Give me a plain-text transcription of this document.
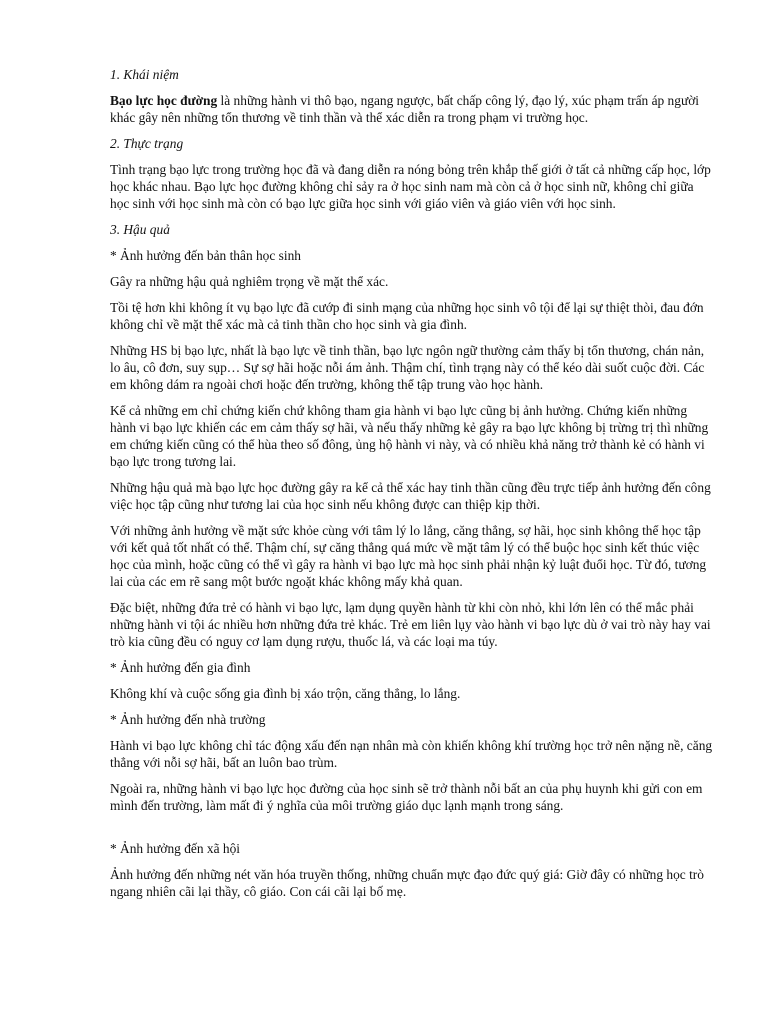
1. Khái niệm

Bạo lực học đường là những hành vi thô bạo, ngang ngược, bất chấp công lý, đạo lý, xúc phạm trấn áp người khác gây nên những tổn thương về tinh thần và thể xác diễn ra trong phạm vi trường học.

2. Thực trạng

Tình trạng bạo lực trong trường học đã và đang diễn ra nóng bỏng trên khắp thế giới ở tất cả những cấp học, lớp học khác nhau. Bạo lực học đường không chỉ sảy ra ở học sinh nam mà còn cả ở học sinh nữ, không chỉ giữa học sinh với học sinh mà còn có bạo lực giữa học sinh với giáo viên và giáo viên với học sinh.

3. Hậu quả

* Ảnh hưởng đến bản thân học sinh

Gây ra những hậu quả nghiêm trọng về mặt thể xác.

Tồi tệ hơn khi không ít vụ bạo lực đã cướp đi sinh mạng của những học sinh vô tội để lại sự thiệt thòi, đau đớn không chỉ về mặt thể xác mà cả tinh thần cho học sinh và gia đình.

Những HS bị bạo lực, nhất là bạo lực về tinh thần, bạo lực ngôn ngữ thường cảm thấy bị tổn thương, chán nản, lo âu, cô đơn, suy sụp… Sự sợ hãi hoặc nỗi ám ảnh. Thậm chí, tình trạng này có thể kéo dài suốt cuộc đời. Các em không dám ra ngoài chơi hoặc đến trường, không thể tập trung vào học hành.

Kể cả những em chỉ chứng kiến chứ không tham gia hành vi bạo lực cũng bị ảnh hưởng. Chứng kiến những hành vi bạo lực khiến các em cảm thấy sợ hãi, và nếu thấy những kẻ gây ra bạo lực không bị trừng trị thì những em chứng kiến cũng có thể hùa theo số đông, ủng hộ hành vi này, và có nhiều khả năng trở thành kẻ có hành vi bạo lực trong tương lai.

Những hậu quả mà bạo lực học đường gây ra kể cả thể xác hay tinh thần cũng đều trực tiếp ảnh hưởng đến công việc học tập cũng như tương lai của học sinh nếu không được can thiệp kịp thời.

Với những ảnh hưởng về mặt sức khỏe cùng với tâm lý lo lắng, căng thẳng, sợ hãi, học sinh không thể học tập với kết quả tốt nhất có thể. Thậm chí, sự căng thẳng quá mức về mặt tâm lý có thể buộc học sinh kết thúc việc học của mình, hoặc cũng có thể vì gây ra hành vi bạo lực mà học sinh phải nhận kỷ luật đuổi học. Từ đó, tương lai của các em rẽ sang một bước ngoặt khác không mấy khả quan.

Đặc biệt, những đứa trẻ có hành vi bạo lực, lạm dụng quyền hành từ khi còn nhỏ, khi lớn lên có thể mắc phải những hành vi tội ác nhiều hơn những đứa trẻ khác. Trẻ em liên lụy vào hành vi bạo lực dù ở vai trò này hay vai trò kia cũng đều có nguy cơ lạm dụng rượu, thuốc lá, và các loại ma túy.

* Ảnh hưởng đến gia đình

Không khí và cuộc sống gia đình bị xáo trộn, căng thẳng, lo lắng.

* Ảnh hưởng đến nhà trường

Hành vi bạo lực không chỉ tác động xấu đến nạn nhân mà còn khiến không khí trường học trở nên nặng nề, căng thẳng với nỗi sợ hãi, bất an luôn bao trùm.

Ngoài ra, những hành vi bạo lực học đường của học sinh sẽ trở thành nỗi bất an của phụ huynh khi gửi con em mình đến trường, làm mất đi ý nghĩa của môi trường giáo dục lạnh mạnh trong sáng.

* Ảnh hưởng đến xã hội

Ảnh hưởng đến những nét văn hóa truyền thống, những chuẩn mực đạo đức quý giá: Giờ đây có những học trò ngang nhiên cãi lại thầy, cô giáo. Con cái cãi lại bố mẹ.
